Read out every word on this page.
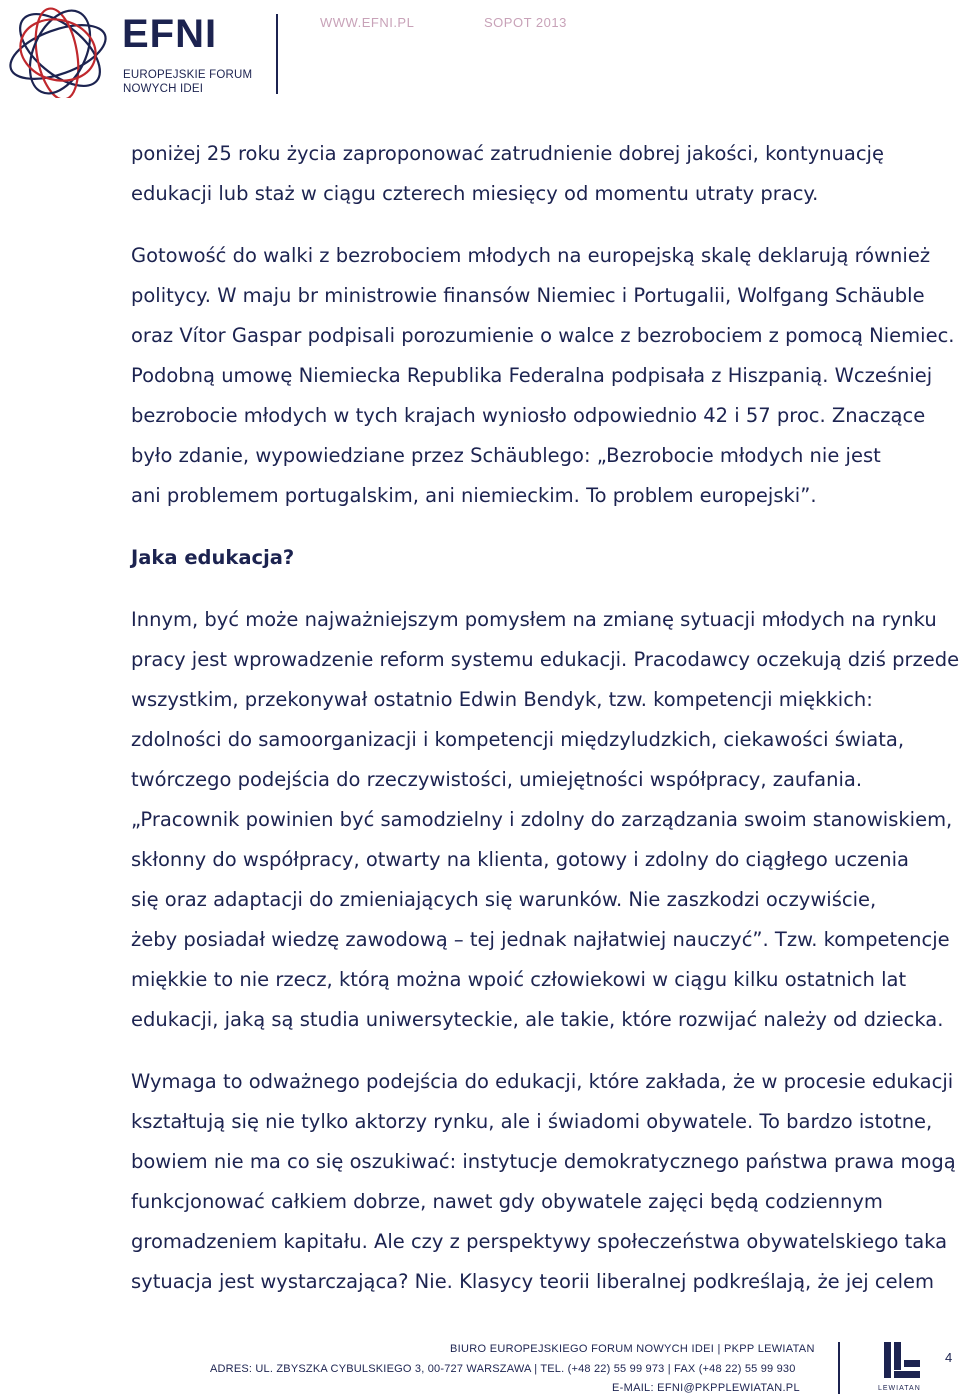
EFNI
EUROPEJSKIE FORUM
NOWYCH IDEI
WWW.EFNI.PL	SOPOT 2013

poniżej 25 roku życia zaproponować zatrudnienie dobrej jakości, kontynuację
edukacji lub staż w ciągu czterech miesięcy od momentu utraty pracy.

Gotowość do walki z bezrobociem młodych na europejską skalę deklarują również
politycy. W maju br ministrowie finansów Niemiec i Portugalii, Wolfgang Schäuble
oraz Vítor Gaspar podpisali porozumienie o walce z bezrobociem z pomocą Niemiec.
Podobną umowę Niemiecka Republika Federalna podpisała z Hiszpanią. Wcześniej
bezrobocie młodych w tych krajach wyniosło odpowiednio 42 i 57 proc. Znaczące
było zdanie, wypowiedziane przez Schäublego: „Bezrobocie młodych nie jest
ani problemem portugalskim, ani niemieckim. To problem europejski”.

Jaka edukacja?

Innym, być może najważniejszym pomysłem na zmianę sytuacji młodych na rynku
pracy jest wprowadzenie reform systemu edukacji. Pracodawcy oczekują dziś przede
wszystkim, przekonywał ostatnio Edwin Bendyk, tzw. kompetencji miękkich:
zdolności do samoorganizacji i kompetencji międzyludzkich, ciekawości świata,
twórczego podejścia do rzeczywistości, umiejętności współpracy, zaufania.
„Pracownik powinien być samodzielny i zdolny do zarządzania swoim stanowiskiem,
skłonny do współpracy, otwarty na klienta, gotowy i zdolny do ciągłego uczenia
się oraz adaptacji do zmieniających się warunków. Nie zaszkodzi oczywiście,
żeby posiadał wiedzę zawodową – tej jednak najłatwiej nauczyć”. Tzw. kompetencje
miękkie to nie rzecz, którą można wpoić człowiekowi w ciągu kilku ostatnich lat
edukacji, jaką są studia uniwersyteckie, ale takie, które rozwijać należy od dziecka.

Wymaga to odważnego podejścia do edukacji, które zakłada, że w procesie edukacji
kształtują się nie tylko aktorzy rynku, ale i świadomi obywatele. To bardzo istotne,
bowiem nie ma co się oszukiwać: instytucje demokratycznego państwa prawa mogą
funkcjonować całkiem dobrze, nawet gdy obywatele zajęci będą codziennym
gromadzeniem kapitału. Ale czy z perspektywy społeczeństwa obywatelskiego taka
sytuacja jest wystarczająca? Nie. Klasycy teorii liberalnej podkreślają, że jej celem

BIURO EUROPEJSKIEGO FORUM NOWYCH IDEI | PKPP LEWIATAN
ADRES: UL. ZBYSZKA CYBULSKIEGO 3, 00-727 WARSZAWA | TEL. (+48 22) 55 99 973 | FAX (+48 22) 55 99 930
E-MAIL: EFNI@PKPPLEWIATAN.PL	LEWIATAN
4
